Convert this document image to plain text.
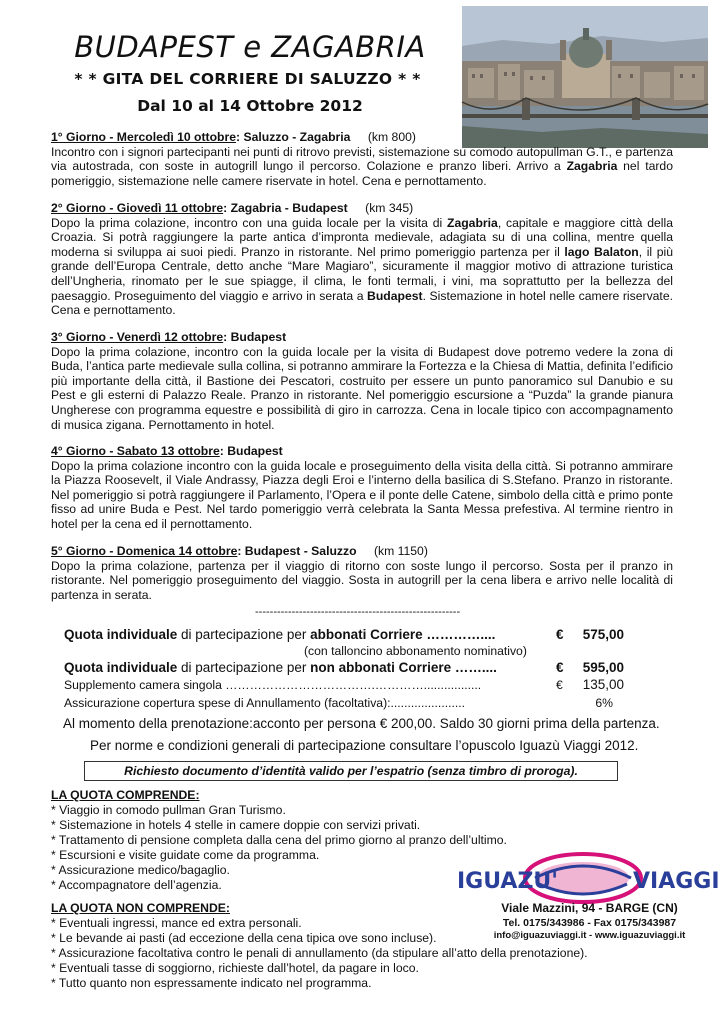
BUDAPEST e ZAGABRIA
* * GITA DEL CORRIERE DI SALUZZO * *
Dal 10 al 14 Ottobre 2012
1° Giorno - Mercoledì 10 ottobre: Saluzzo - Zagabria (km 800)
Incontro con i signori partecipanti nei punti di ritrovo previsti, sistemazione su comodo autopullman G.T., e partenza via autostrada, con soste in autogrill lungo il percorso. Colazione e pranzo liberi. Arrivo a Zagabria nel tardo pomeriggio, sistemazione nelle camere riservate in hotel. Cena e pernottamento.
2° Giorno - Giovedì 11 ottobre: Zagabria - Budapest (km 345)
Dopo la prima colazione, incontro con una guida locale per la visita di Zagabria, capitale e maggiore città della Croazia. Si potrà raggiungere la parte antica d’impronta medievale, adagiata su di una collina, mentre quella moderna si sviluppa ai suoi piedi. Pranzo in ristorante. Nel primo pomeriggio partenza per il lago Balaton, il più grande dell’Europa Centrale, detto anche “Mare Magiaro”, sicuramente il maggior motivo di attrazione turistica dell’Ungheria, rinomato per le sue spiagge, il clima, le fonti termali, i vini, ma soprattutto per la bellezza del paesaggio. Proseguimento del viaggio e arrivo in serata a Budapest. Sistemazione in hotel nelle camere riservate. Cena e pernottamento.
3° Giorno - Venerdì 12 ottobre: Budapest
Dopo la prima colazione, incontro con la guida locale per la visita di Budapest dove potremo vedere la zona di Buda, l’antica parte medievale sulla collina, si potranno ammirare la Fortezza e la Chiesa di Mattia, definita l’edificio più importante della città, il Bastione dei Pescatori, costruito per essere un punto panoramico sul Danubio e su Pest e gli esterni di Palazzo Reale. Pranzo in ristorante. Nel pomeriggio escursione a “Puzda” la grande pianura Ungherese con programma equestre e possibilità di giro in carrozza. Cena in locale tipico con accompagnamento di musica zigana. Pernottamento in hotel.
4° Giorno - Sabato 13 ottobre: Budapest
Dopo la prima colazione incontro con la guida locale e proseguimento della visita della città. Si potranno ammirare la Piazza Roosevelt, il Viale Andrassy, Piazza degli Eroi e l’interno della basilica di S.Stefano. Pranzo in ristorante. Nel pomeriggio si potrà raggiungere il Parlamento, l’Opera e il ponte delle Catene, simbolo della città e primo ponte fisso ad unire Buda e Pest. Nel tardo pomeriggio verrà celebrata la Santa Messa prefestiva. Al termine rientro in hotel per la cena ed il pernottamento.
5° Giorno - Domenica 14 ottobre: Budapest - Saluzzo (km 1150)
Dopo la prima colazione, partenza per il viaggio di ritorno con soste lungo il percorso. Sosta per il pranzo in ristorante. Nel pomeriggio proseguimento del viaggio. Sosta in autogrill per la cena libera e arrivo nelle località di partenza in serata.
--------------------------------------------------------
Quota individuale di partecipazione per abbonati Corriere …………....	€ 575,00
(con talloncino abbonamento nominativo)
Quota individuale di partecipazione per non abbonati Corriere ……....	€ 595,00
Supplemento camera singola ……………………………….………….................	€ 135,00
Assicurazione copertura spese di Annullamento (facoltativa):......................	6%
Al momento della prenotazione:acconto per persona € 200,00. Saldo 30 giorni prima della partenza.
Per norme e condizioni generali di partecipazione consultare l’opuscolo Iguazù Viaggi 2012.
Richiesto documento d’identità valido per l’espatrio (senza timbro di proroga).
LA QUOTA COMPRENDE:
* Viaggio in comodo pullman Gran Turismo.
* Sistemazione in hotels 4 stelle in camere doppie con servizi privati.
* Trattamento di pensione completa dalla cena del primo giorno al pranzo dell’ultimo.
* Escursioni e visite guidate come da programma.
* Assicurazione medico/bagaglio.
* Accompagnatore dell’agenzia.
LA QUOTA NON COMPRENDE:
* Eventuali ingressi, mance ed extra personali.
* Le bevande ai pasti (ad eccezione della cena tipica ove sono incluse).
* Assicurazione facoltativa contro le penali di annullamento (da stipulare all’atto della prenotazione).
* Eventuali tasse di soggiorno, richieste dall’hotel, da pagare in loco.
* Tutto quanto non espressamente indicato nel programma.
IGUAZU'	VIAGGI
Viale Mazzini, 94 - BARGE (CN)
Tel. 0175/343986 - Fax 0175/343987
info@iguazuviaggi.it - www.iguazuviaggi.it
